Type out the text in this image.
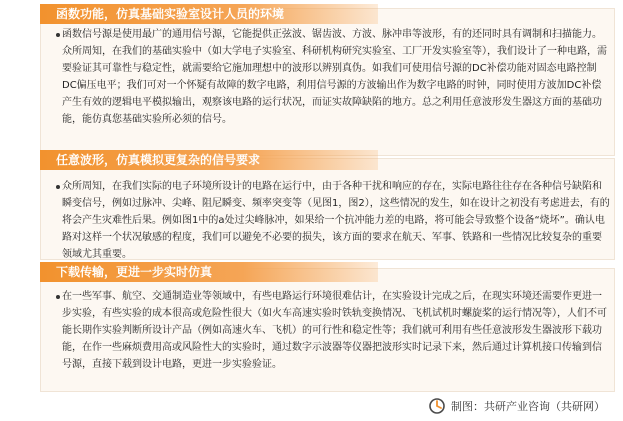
函数功能，仿真基础实验室设计人员的环境

函数信号源是使用最广的通用信号源，它能提供正弦波、锯齿波、方波、脉冲串等波形，有的还同时具有调制和扫描能力。众所周知，在我们的基础实验中（如大学电子实验室、科研机构研究实验室、工厂开发实验室等），我们设计了一种电路，需要验证其可靠性与稳定性，就需要给它施加理想中的波形以辨别真伪。如我们可使用信号源的DC补偿功能对固态电路控制DC偏压电平；我们可对一个怀疑有故障的数字电路，利用信号源的方波输出作为数字电路的时钟，同时使用方波加DC补偿产生有效的逻辑电平模拟输出，观察该电路的运行状况，而证实故障缺陷的地方。总之利用任意波形发生器这方面的基础功能，能仿真您基础实验所必须的信号。

任意波形，仿真模拟更复杂的信号要求

众所周知，在我们实际的电子环境所设计的电路在运行中，由于各种干扰和响应的存在，实际电路往往存在各种信号缺陷和瞬变信号，例如过脉冲、尖峰、阻尼瞬变、频率突变等（见图1，图2），这些情况的发生，如在设计之初没有考虑进去，有的将会产生灾难性后果。例如图1中的a处过尖峰脉冲，如果给一个抗冲能力差的电路，将可能会导致整个设备“烧坏”。确认电路对这样一个状况敏感的程度，我们可以避免不必要的损失，该方面的要求在航天、军事、铁路和一些情况比较复杂的重要领域尤其重要。

下载传输，更进一步实时仿真

在一些军事、航空、交通制造业等领域中，有些电路运行环境很难估计，在实验设计完成之后，在现实环境还需要作更进一步实验，有些实验的成本很高或危险性很大（如火车高速实验时铁轨变换情况、飞机试机时螺旋桨的运行情况等），人们不可能长期作实验判断所设计产品（例如高速火车、飞机）的可行性和稳定性等；我们就可利用有些任意波形发生器波形下载功能，在作一些麻烦费用高或风险性大的实验时，通过数字示波器等仪器把波形实时记录下来，然后通过计算机接口传输到信号源，直接下载到设计电路，更进一步实验验证。

制图：共研产业咨询（共研网）
